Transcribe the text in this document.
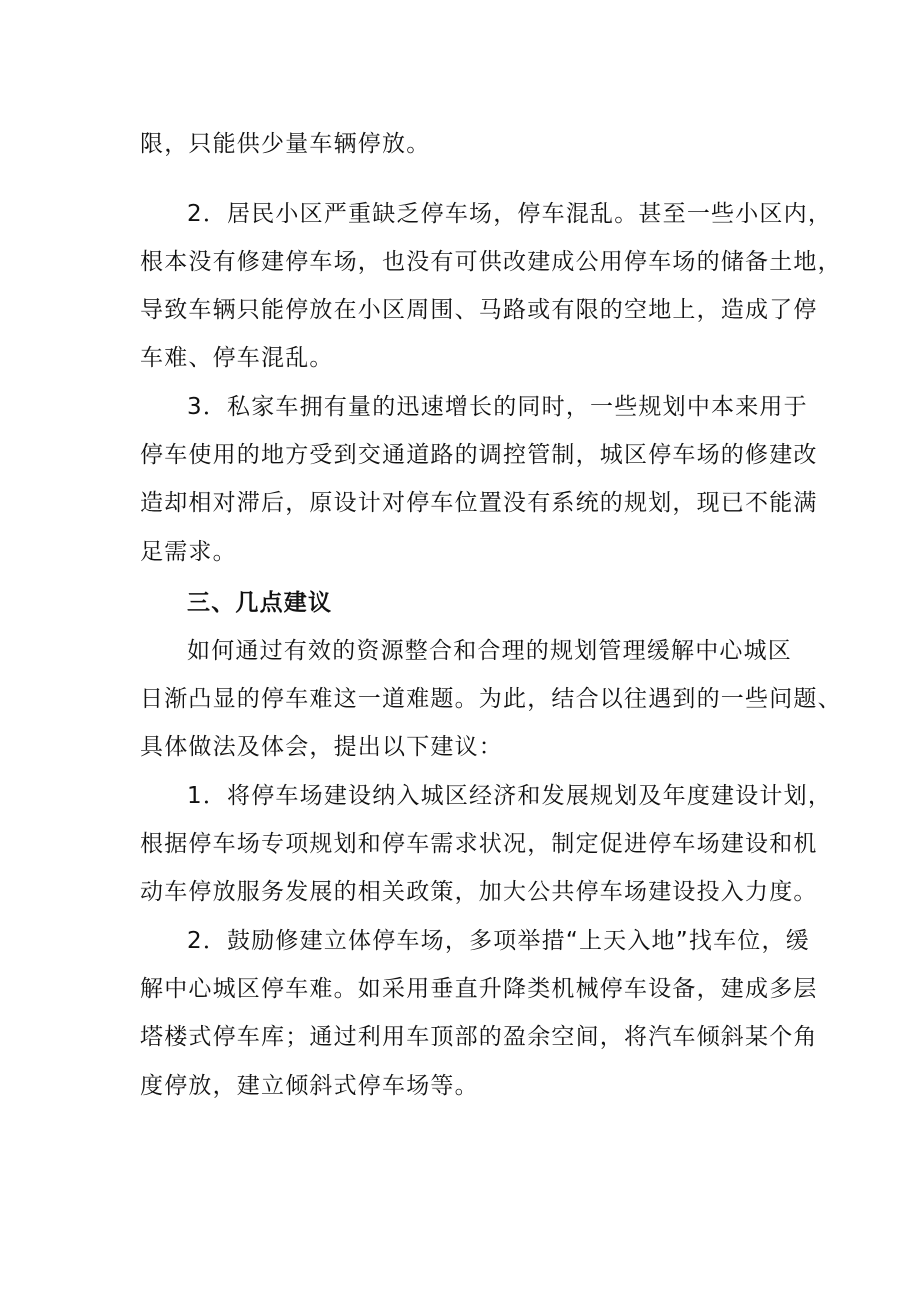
限，只能供少量车辆停放。
2．居民小区严重缺乏停车场，停车混乱。甚至一些小区内，
根本没有修建停车场，也没有可供改建成公用停车场的储备土地，
导致车辆只能停放在小区周围、马路或有限的空地上，造成了停
车难、停车混乱。
3．私家车拥有量的迅速增长的同时，一些规划中本来用于
停车使用的地方受到交通道路的调控管制，城区停车场的修建改
造却相对滞后，原设计对停车位置没有系统的规划，现已不能满
足需求。
三、几点建议
如何通过有效的资源整合和合理的规划管理缓解中心城区
日渐凸显的停车难这一道难题。为此，结合以往遇到的一些问题、
具体做法及体会，提出以下建议：
1．将停车场建设纳入城区经济和发展规划及年度建设计划，
根据停车场专项规划和停车需求状况，制定促进停车场建设和机
动车停放服务发展的相关政策，加大公共停车场建设投入力度。
2．鼓励修建立体停车场，多项举措“上天入地”找车位，缓
解中心城区停车难。如采用垂直升降类机械停车设备，建成多层
塔楼式停车库；通过利用车顶部的盈余空间，将汽车倾斜某个角
度停放，建立倾斜式停车场等。
